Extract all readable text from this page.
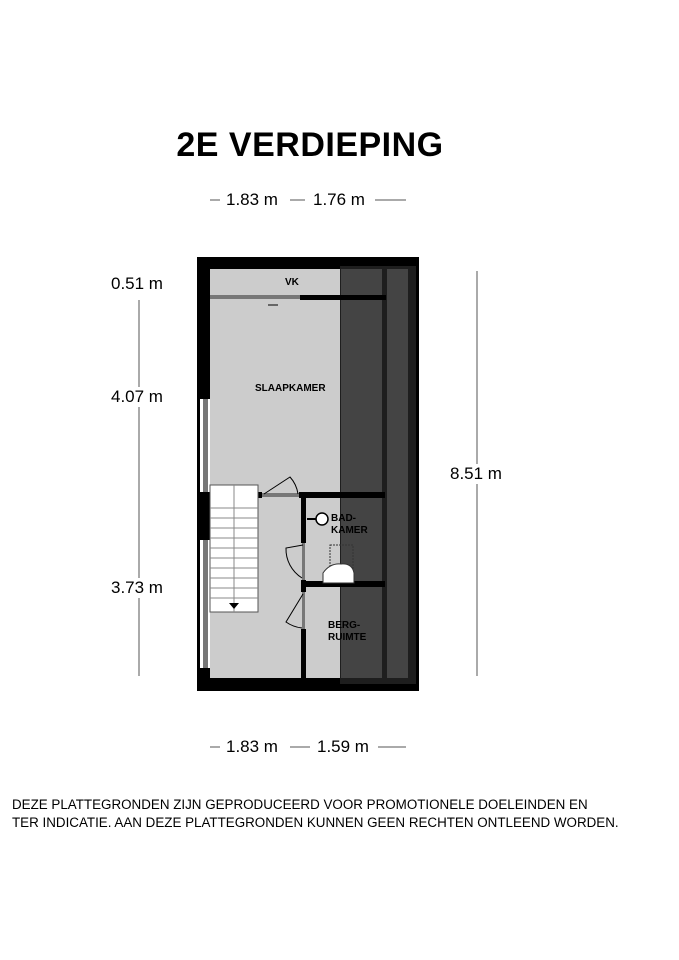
2E VERDIEPING
1.83 m 1.76 m
1.83 m 1.59 m
0.51 m
4.07 m
3.73 m
8.51 m
VK
SLAAPKAMER
BAD-
KAMER
BERG-
RUIMTE
DEZE PLATTEGRONDEN ZIJN GEPRODUCEERD VOOR PROMOTIONELE DOELEINDEN EN
TER INDICATIE. AAN DEZE PLATTEGRONDEN KUNNEN GEEN RECHTEN ONTLEEND WORDEN.
